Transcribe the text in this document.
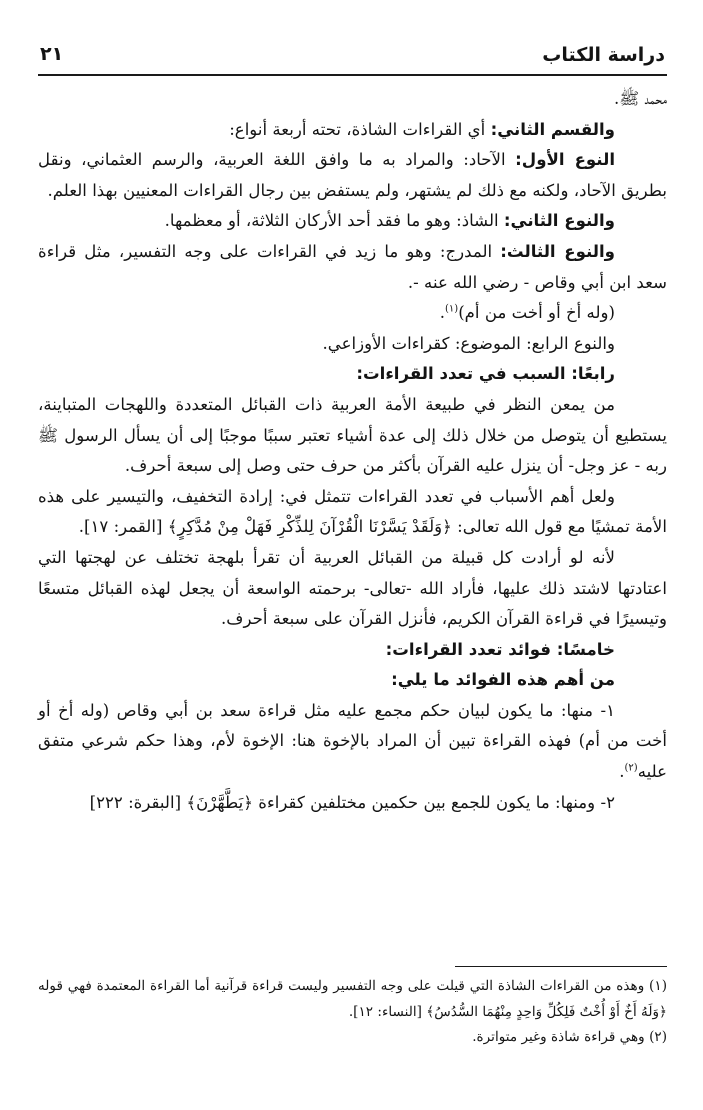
دراسة الكتاب
٢١

محمد ﷺ.

والقسم الثاني: أي القراءات الشاذة، تحته أربعة أنواع:

النوع الأول: الآحاد: والمراد به ما وافق اللغة العربية، والرسم العثماني، ونقل بطريق الآحاد، ولكنه مع ذلك لم يشتهر، ولم يستفض بين رجال القراءات المعنيين بهذا العلم.

والنوع الثاني: الشاذ: وهو ما فقد أحد الأركان الثلاثة، أو معظمها.

والنوع الثالث: المدرج: وهو ما زيد في القراءات على وجه التفسير، مثل قراءة سعد ابن أبي وقاص - رضي الله عنه -.

(وله أخ أو أخت من أم)$^{(١)}$.

والنوع الرابع: الموضوع: كقراءات الأوزاعي.

رابعًا: السبب في تعدد القراءات:

من يمعن النظر في طبيعة الأمة العربية ذات القبائل المتعددة واللهجات المتباينة، يستطيع أن يتوصل من خلال ذلك إلى عدة أشياء تعتبر سببًا موجبًا إلى أن يسأل الرسول ﷺ ربه - عز وجل- أن ينزل عليه القرآن بأكثر من حرف حتى وصل إلى سبعة أحرف.

ولعل أهم الأسباب في تعدد القراءات تتمثل في: إرادة التخفيف، والتيسير على هذه الأمة تمشيًا مع قول الله تعالى: ﴿وَلَقَدْ يَسَّرْنَا الْقُرْآنَ لِلذِّكْرِ فَهَلْ مِنْ مُدَّكِرٍ﴾ [القمر: ١٧].

لأنه لو أرادت كل قبيلة من القبائل العربية أن تقرأ بلهجة تختلف عن لهجتها التي اعتادتها لاشتد ذلك عليها، فأراد الله -تعالى- برحمته الواسعة أن يجعل لهذه القبائل متسعًا وتيسيرًا في قراءة القرآن الكريم، فأنزل القرآن على سبعة أحرف.

خامسًا: فوائد تعدد القراءات:

من أهم هذه الفوائد ما يلي:

١- منها: ما يكون لبيان حكم مجمع عليه مثل قراءة سعد بن أبي وقاص (وله أخ أو أخت من أم) فهذه القراءة تبين أن المراد بالإخوة هنا: الإخوة لأم، وهذا حكم شرعي متفق عليه$^{(٢)}$.

٢- ومنها: ما يكون للجمع بين حكمين مختلفين كقراءة ﴿يَطَّهَّرْنَ﴾ [البقرة: ٢٢٢]

(١) وهذه من القراءات الشاذة التي قيلت على وجه التفسير وليست قراءة قرآنية أما القراءة المعتمدة فهي قوله ﴿وَلَهُ أَخٌ أَوْ أُخْتٌ فَلِكُلِّ وَاحِدٍ مِنْهُمَا السُّدُسُ﴾ [النساء: ١٢].

(٢) وهي قراءة شاذة وغير متواترة.
